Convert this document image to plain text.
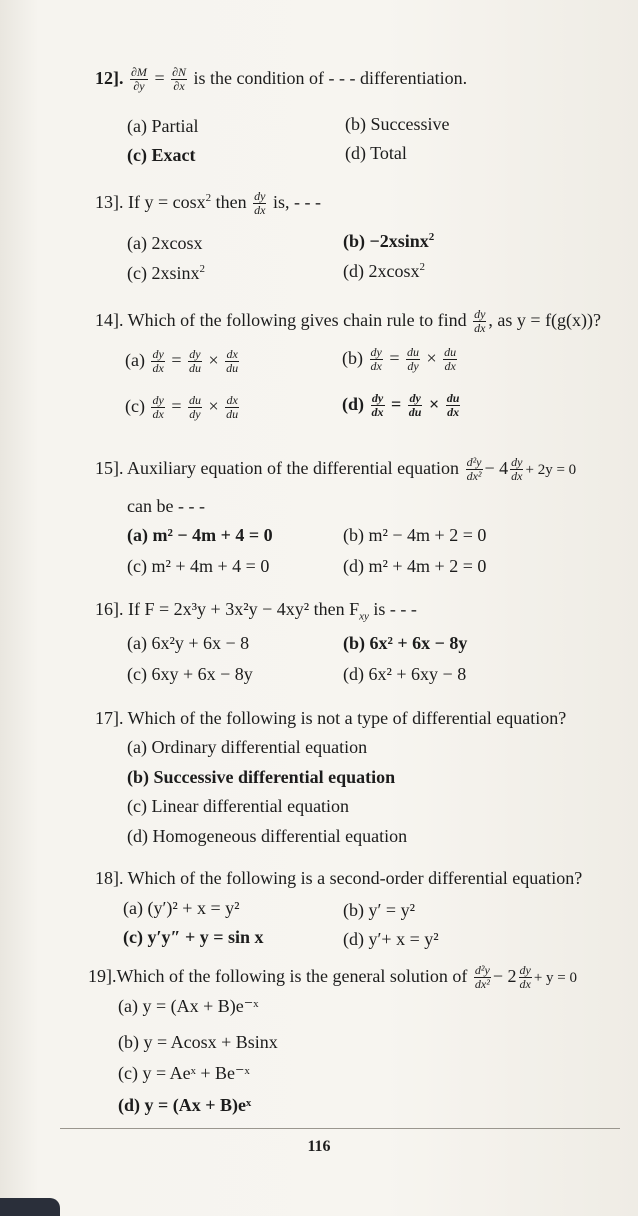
12]. $\frac{\partial M}{\partial y} = \frac{\partial N}{\partial x}$ is the condition of - - - differentiation.
(a) Partial	(b) Successive
(c) Exact	(d) Total
13]. If y = cosx$^2$ then $\frac{dy}{dx}$ is, - - -
(a) 2xcosx	(b) −2xsinx$^2$
(c) 2xsinx$^2$	(d) 2xcosx$^2$
14]. Which of the following gives chain rule to find $\frac{dy}{dx}$ , as y = f(g(x))?
$(a) \frac{dy}{dx} = \frac{dy}{du} \times \frac{dx}{du}$	$(b) \frac{dy}{dx} = \frac{du}{dy} \times \frac{du}{dx}$
$(c) \frac{dy}{dx} = \frac{du}{dy} \times \frac{dx}{du}$	$(d) \frac{dy}{dx} = \frac{dy}{du} \times \frac{du}{dx}$
15]. Auxiliary equation of the differential equation $\frac{\text{d²y}}{\text{dx²}} - 4 \frac{dy}{dx} + 2y = 0$
can be - - -
(a) m² − 4m + 4 = 0	(b) m² − 4m + 2 = 0
(c) m² + 4m + 4 = 0	(d) m² + 4m + 2 = 0
16]. If F = 2x³y + 3x²y − 4xy² then $F_{xy}$ is - - -
(a) 6x²y + 6x − 8	(b) 6x² + 6x − 8y
(c) 6xy + 6x − 8y	(d) 6x² + 6xy − 8
17]. Which of the following is not a type of differential equation?
(a) Ordinary differential equation
(b) Successive differential equation
(c) Linear differential equation
(d) Homogeneous differential equation
18]. Which of the following is a second-order differential equation?
(a) (y′)² + x = y²	(b) y′ = y²
(c) y′y″ + y = sin x	(d) y′+ x = y²
19].Which of the following is the general solution of $\frac{\text{d²y}}{\text{dx²}} - 2 \frac{dy}{dx} + y = 0$
(a) y = (Ax + B)e⁻ˣ
(b) y = Acosx + Bsinx
(c) y = Aeˣ + Be⁻ˣ
(d) y = (Ax + B)eˣ
116
